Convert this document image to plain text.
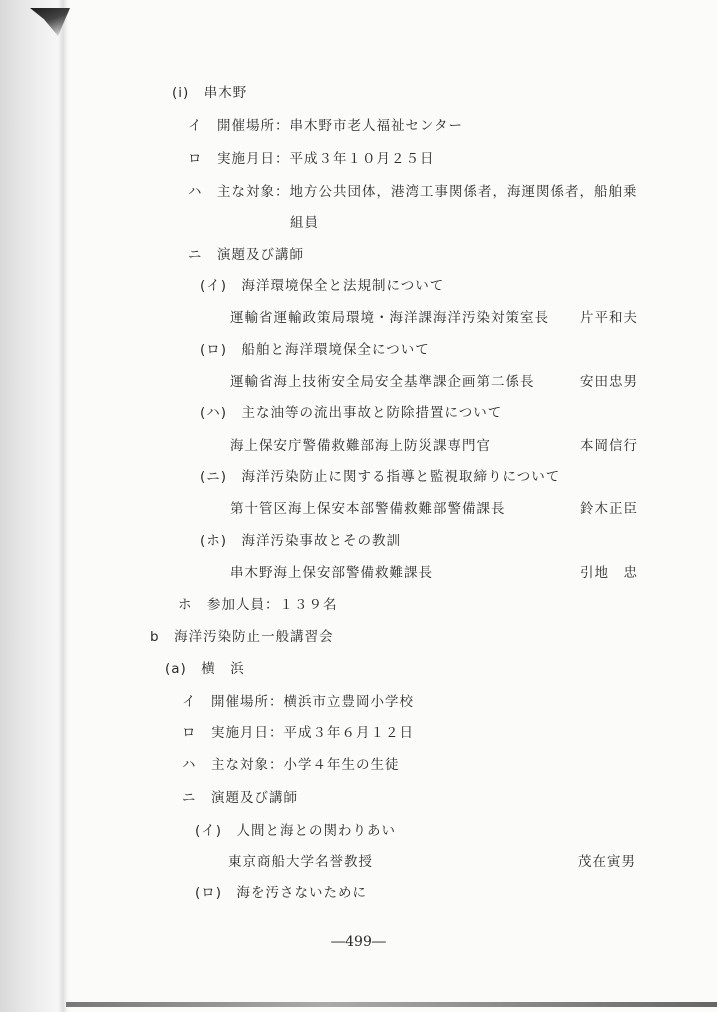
(i)　串木野
イ　開催場所：串木野市老人福祉センター
ロ　実施月日：平成３年１０月２５日
ハ　主な対象：地方公共団体，港湾工事関係者，海運関係者，船舶乗
組員
ニ　演題及び講師
(イ)　海洋環境保全と法規制について
運輸省運輸政策局環境・海洋課海洋汚染対策室長 片平和夫
(ロ)　船舶と海洋環境保全について
運輸省海上技術安全局安全基準課企画第二係長	安田忠男
(ハ)　主な油等の流出事故と防除措置について
海上保安庁警備救難部海上防災課専門官	本岡信行
(ニ)　海洋汚染防止に関する指導と監視取締りについて
第十管区海上保安本部警備救難部警備課長	鈴木正臣
(ホ)　海洋汚染事故とその教訓
串木野海上保安部警備救難課長	引地　忠
ホ　参加人員：１３９名
b　海洋汚染防止一般講習会
(a)　横　浜
イ　開催場所：横浜市立豊岡小学校
ロ　実施月日：平成３年６月１２日
ハ　主な対象：小学４年生の生徒
ニ　演題及び講師
(イ)　人間と海との関わりあい
東京商船大学名誉教授	茂在寅男
(ロ)　海を汚さないために
―499―
